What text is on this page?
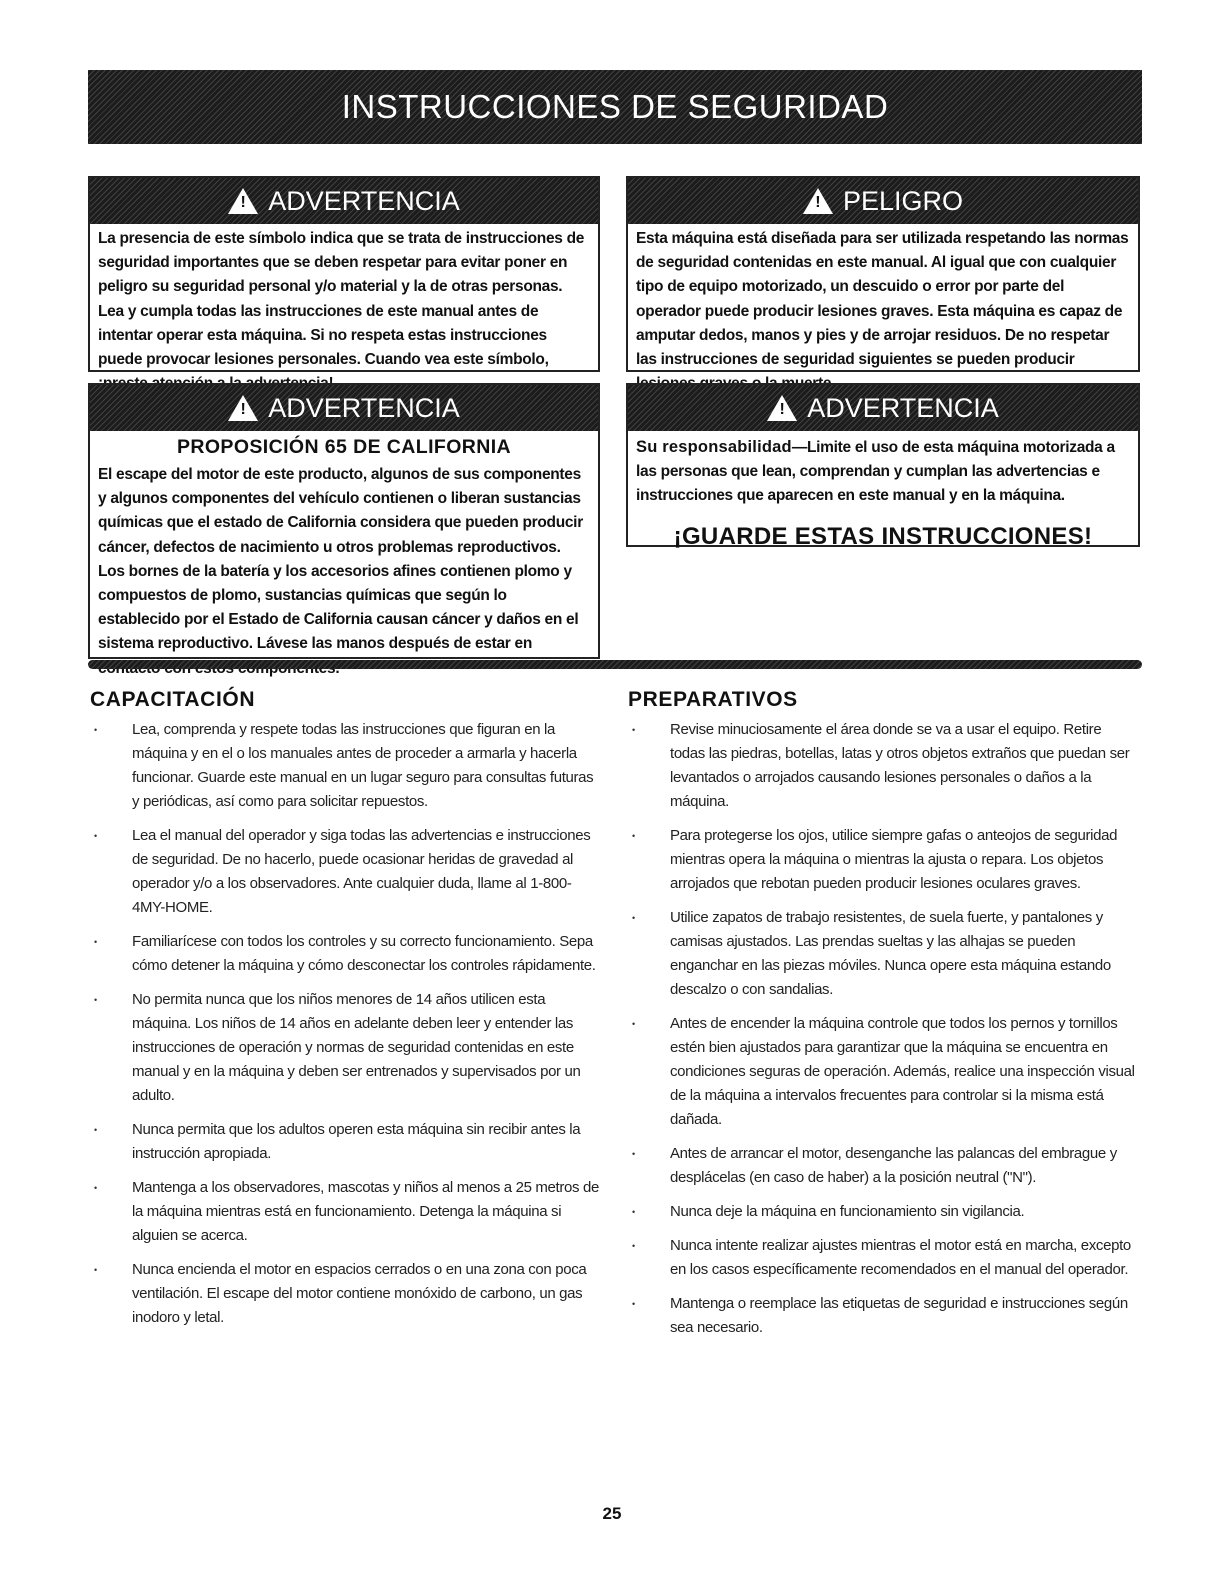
INSTRUCCIONES DE SEGURIDAD
! ADVERTENCIA
La presencia de este símbolo indica que se trata de instrucciones de seguridad importantes que se deben respetar para evitar poner en peligro su seguridad personal y/o material y la de otras personas. Lea y cumpla todas las instrucciones de este manual antes de intentar operar esta máquina. Si no respeta estas instrucciones puede provocar lesiones personales. Cuando vea este símbolo,
! PELIGRO
Esta máquina está diseñada para ser utilizada respetando las normas de seguridad contenidas en este manual. Al igual que con cualquier tipo de equipo motorizado, un descuido o error por parte del operador puede producir lesiones graves. Esta máquina es capaz de amputar dedos, manos y pies y de arrojar residuos. De no respetar las instrucciones de seguridad siguientes se pueden producir
! ADVERTENCIA
PROPOSICIÓN 65 DE CALIFORNIA
El escape del motor de este producto, algunos de sus componentes y algunos componentes del vehículo contienen o liberan sustancias químicas que el estado de California considera que pueden producir cáncer, defectos de nacimiento u otros problemas reproductivos. Los bornes de la batería y los accesorios afines contienen plomo y compuestos de plomo, sustancias químicas que según lo establecido por el Estado de California causan cáncer y daños en el sistema reproductivo. Lávese las manos después de estar en
! ADVERTENCIA
Su responsabilidad—Limite el uso de esta máquina motorizada a las personas que lean, comprendan y cumplan las advertencias e instrucciones que aparecen en este manual y en la máquina.
¡GUARDE ESTAS INSTRUCCIONES!
CAPACITACIÓN
• Lea, comprenda y respete todas las instrucciones que figuran en la máquina y en el o los manuales antes de proceder a armarla y hacerla funcionar. Guarde este manual en un lugar seguro para consultas futuras y periódicas, así como para solicitar repuestos.
• Lea el manual del operador y siga todas las advertencias e instrucciones de seguridad. De no hacerlo, puede ocasionar heridas de gravedad al operador y/o a los observadores. Ante cualquier duda, llame al 1-800-4MY-HOME.
• Familiarícese con todos los controles y su correcto funcionamiento. Sepa cómo detener la máquina y cómo desconectar los controles rápidamente.
• No permita nunca que los niños menores de 14 años utilicen esta máquina. Los niños de 14 años en adelante deben leer y entender las instrucciones de operación y normas de seguridad contenidas en este manual y en la máquina y deben ser entrenados y supervisados por un adulto.
• Nunca permita que los adultos operen esta máquina sin recibir antes la instrucción apropiada.
• Mantenga a los observadores, mascotas y niños al menos a 25 metros de la máquina mientras está en funcionamiento. Detenga la máquina si alguien se acerca.
• Nunca encienda el motor en espacios cerrados o en una zona con poca ventilación. El escape del motor contiene monóxido de carbono, un gas inodoro y letal.
PREPARATIVOS
• Revise minuciosamente el área donde se va a usar el equipo. Retire todas las piedras, botellas, latas y otros objetos extraños que puedan ser levantados o arrojados causando lesiones personales o daños a la máquina.
• Para protegerse los ojos, utilice siempre gafas o anteojos de seguridad mientras opera la máquina o mientras la ajusta o repara. Los objetos arrojados que rebotan pueden producir lesiones oculares graves.
• Utilice zapatos de trabajo resistentes, de suela fuerte, y pantalones y camisas ajustados. Las prendas sueltas y las alhajas se pueden enganchar en las piezas móviles. Nunca opere esta máquina estando descalzo o con sandalias.
• Antes de encender la máquina controle que todos los pernos y tornillos estén bien ajustados para garantizar que la máquina se encuentra en condiciones seguras de operación. Además, realice una inspección visual de la máquina a intervalos frecuentes para controlar si la misma está dañada.
• Antes de arrancar el motor, desenganche las palancas del embrague y desplácelas (en caso de haber) a la posición neutral ("N").
• Nunca deje la máquina en funcionamiento sin vigilancia.
• Nunca intente realizar ajustes mientras el motor está en marcha, excepto en los casos específicamente recomendados en el manual del operador.
• Mantenga o reemplace las etiquetas de seguridad e instrucciones según sea necesario.
25
